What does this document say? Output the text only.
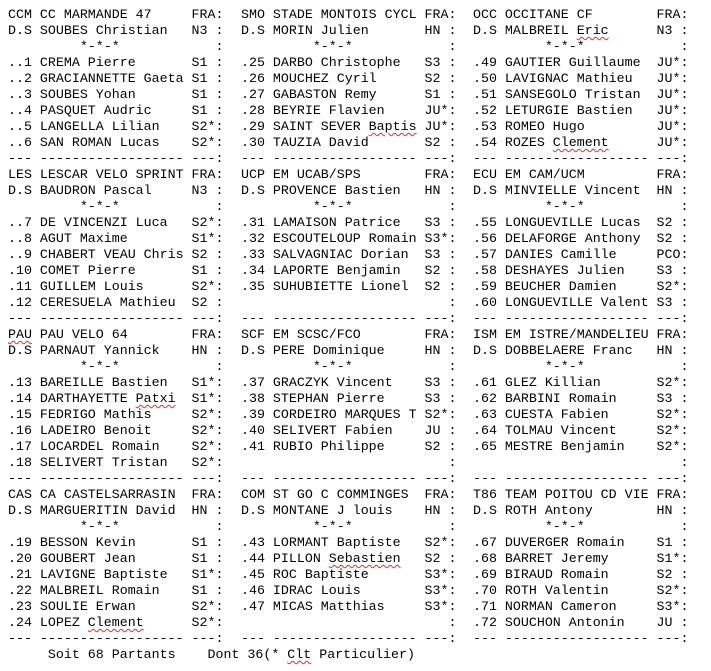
CCM CC MARMANDE 47     FRA:
D.S SOUBES Christian   N3 :
*-*-*            :
..1 CREMA Pierre       S1 :
..2 GRACIANNETTE Gaeta S1 :
..3 SOUBES Yohan       S1 :
..4 PASQUET Audric     S1 :
..5 LANGELLA Lilian    S2*:
..6 SAN ROMAN Lucas    S2*:
--- ------------------ ---:
LES LESCAR VELO SPRINT FRA:
D.S BAUDRON Pascal     N3 :
*-*-*            :
..7 DE VINCENZI Luca   S2*:
..8 AGUT Maxime        S1*:
..9 CHABERT VEAU Chris S2 :
.10 COMET Pierre       S1 :
.11 GUILLEM Louis      S2*:
.12 CERESUELA Mathieu  S2 :
--- ------------------ ---:
PAU PAU VELO 64        FRA:
D.S PARNAUT Yannick    HN :
*-*-*            :
.13 BAREILLE Bastien   S1*:
.14 DARTHAYETTE Patxi  S1*:
.15 FEDRIGO Mathis     S2*:
.16 LADEIRO Benoit     S2*:
.17 LOCARDEL Romain    S2*:
.18 SELIVERT Tristan   S2*:
--- ------------------ ---:
CAS CA CASTELSARRASIN  FRA:
D.S MARGUERITIN David  HN :
*-*-*            :
.19 BESSON Kevin       S1 :
.20 GOUBERT Jean       S1 :
.21 LAVIGNE Baptiste   S1*:
.22 MALBREIL Romain    S1 :
.23 SOULIE Erwan       S2*:
.24 LOPEZ Clement      S2*:
--- ------------------ ---:
SMO STADE MONTOIS CYCL FRA:
D.S MORIN Julien       HN :
*-*-*            :
.25 DARBO Christophe   S3 :
.26 MOUCHEZ Cyril      S2 :
.27 GABASTON Remy      S1 :
.28 BEYRIE Flavien     JU*:
.29 SAINT SEVER Baptis JU*:
.30 TAUZIA David       S2 :
--- ------------------ ---:
UCP EM UCAB/SPS        FRA:
D.S PROVENCE Bastien   HN :
*-*-*            :
.31 LAMAISON Patrice   S3 :
.32 ESCOUTELOUP Romain S3*:
.33 SALVAGNIAC Dorian  S3 :
.34 LAPORTE Benjamin   S2 :
.35 SUHUBIETTE Lionel  S2 :
:
--- ------------------ ---:
SCF EM SCSC/FCO        FRA:
D.S PERE Dominique     HN :
*-*-*            :
.37 GRACZYK Vincent    S3 :
.38 STEPHAN Pierre     S3 :
.39 CORDEIRO MARQUES T S2*:
.40 SELIVERT Fabien    JU :
.41 RUBIO Philippe     S2 :
:
--- ------------------ ---:
COM ST GO C COMMINGES  FRA:
D.S MONTANE J louis    HN :
*-*-*            :
.43 LORMANT Baptiste   S2*:
.44 PILLON Sebastien   S2 :
.45 ROC Baptiste       S3*:
.46 IDRAC Louis        S3*:
.47 MICAS Matthias     S3*:
:
--- ------------------ ---:
OCC OCCITANE CF        FRA:
D.S MALBREIL Eric      N3 :
*-*-*            :
.49 GAUTIER Guillaume  JU*:
.50 LAVIGNAC Mathieu   JU*:
.51 SANSEGOLO Tristan  JU*:
.52 LETURGIE Bastien   JU*:
.53 ROMEO Hugo         JU*:
.54 ROZES Clement      JU*:
--- ------------------ ---:
ECU EM CAM/UCM         FRA:
D.S MINVIELLE Vincent  HN :
*-*-*            :
.55 LONGUEVILLE Lucas  S2 :
.56 DELAFORGE Anthony  S2 :
.57 DANIES Camille     PCO:
.58 DESHAYES Julien    S3 :
.59 BEUCHER Damien     S2*:
.60 LONGUEVILLE Valent S3 :
--- ------------------ ---:
ISM EM ISTRE/MANDELIEU FRA:
D.S DOBBELAERE Franc   HN :
*-*-*            :
.61 GLEZ Killian       S2*:
.62 BARBINI Romain     S3 :
.63 CUESTA Fabien      S2*:
.64 TOLMAU Vincent     S2*:
.65 MESTRE Benjamin    S2*:
:
--- ------------------ ---:
T86 TEAM POITOU CD VIE FRA:
D.S ROTH Antony        HN :
*-*-*            :
.67 DUVERGER Romain    S1 :
.68 BARRET Jeremy      S1*:
.69 BIRAUD Romain      S2 :
.70 ROTH Valentin      S2*:
.71 NORMAN Cameron     S3*:
.72 SOUCHON Antonin    JU :
--- ------------------ ---:
Soit 68 Partants    Dont 36(* Clt Particulier)
